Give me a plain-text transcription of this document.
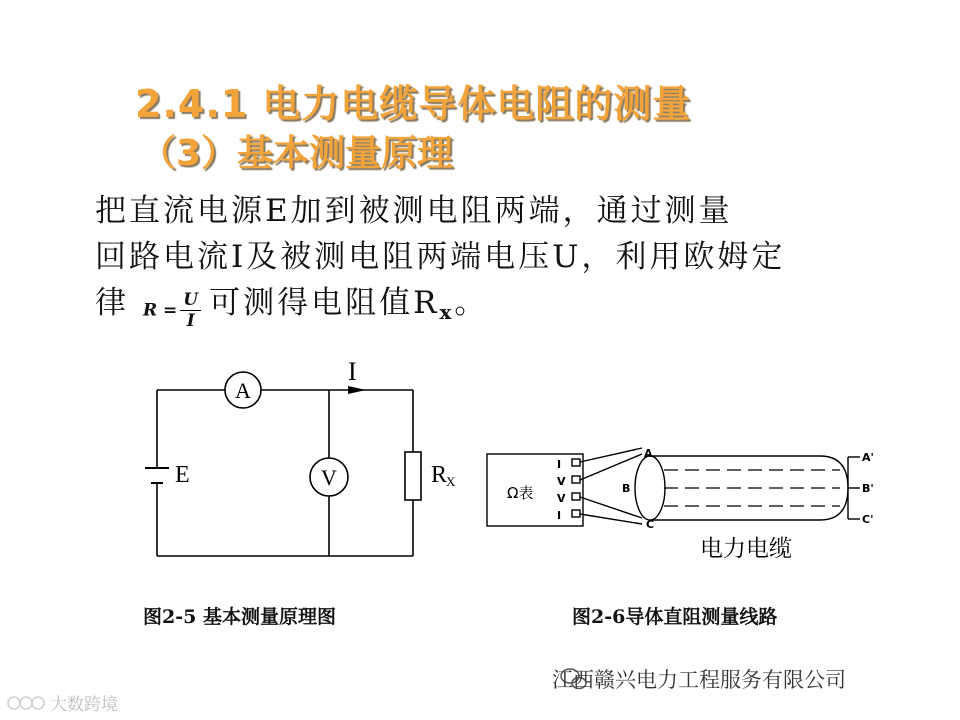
2.4.1 电力电缆导体电阻的测量
（3）基本测量原理
把直流电源E加到被测电阻两端，通过测量
回路电流I及被测电阻两端电压U，利用欧姆定
律 $R = \frac{U}{I}$ 可测得电阻值$R_x$。
A
V
I
E	R
X
Ω表
I
V
V
I
A
B
C
A'
B'
C'
电力电缆
图2-5 基本测量原理图	图2-6导体直阻测量线路
江西赣兴电力工程服务有限公司
大数跨境
